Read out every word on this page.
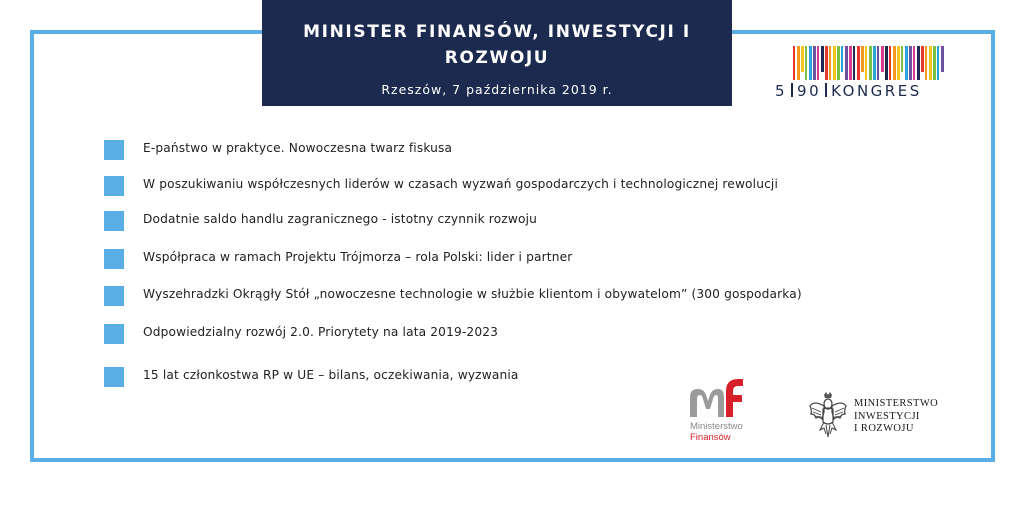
MINISTER FINANSÓW, INWESTYCJI I ROZWOJU
Rzeszów, 7 października 2019 r.	5 90 KONGRES
E-państwo w praktyce. Nowoczesna twarz fiskusa
W poszukiwaniu współczesnych liderów w czasach wyzwań gospodarczych i technologicznej rewolucji
Dodatnie saldo handlu zagranicznego - istotny czynnik rozwoju
Współpraca w ramach Projektu Trójmorza – rola Polski: lider i partner
Wyszehradzki Okrągły Stół „nowoczesne technologie w służbie klientom i obywatelom” (300 gospodarka)
Odpowiedzialny rozwój 2.0. Priorytety na lata 2019-2023
15 lat członkostwa RP w UE – bilans, oczekiwania, wyzwania
Ministerstwo
Finansów
MINISTERSTWO
INWESTYCJI
I ROZWOJU
